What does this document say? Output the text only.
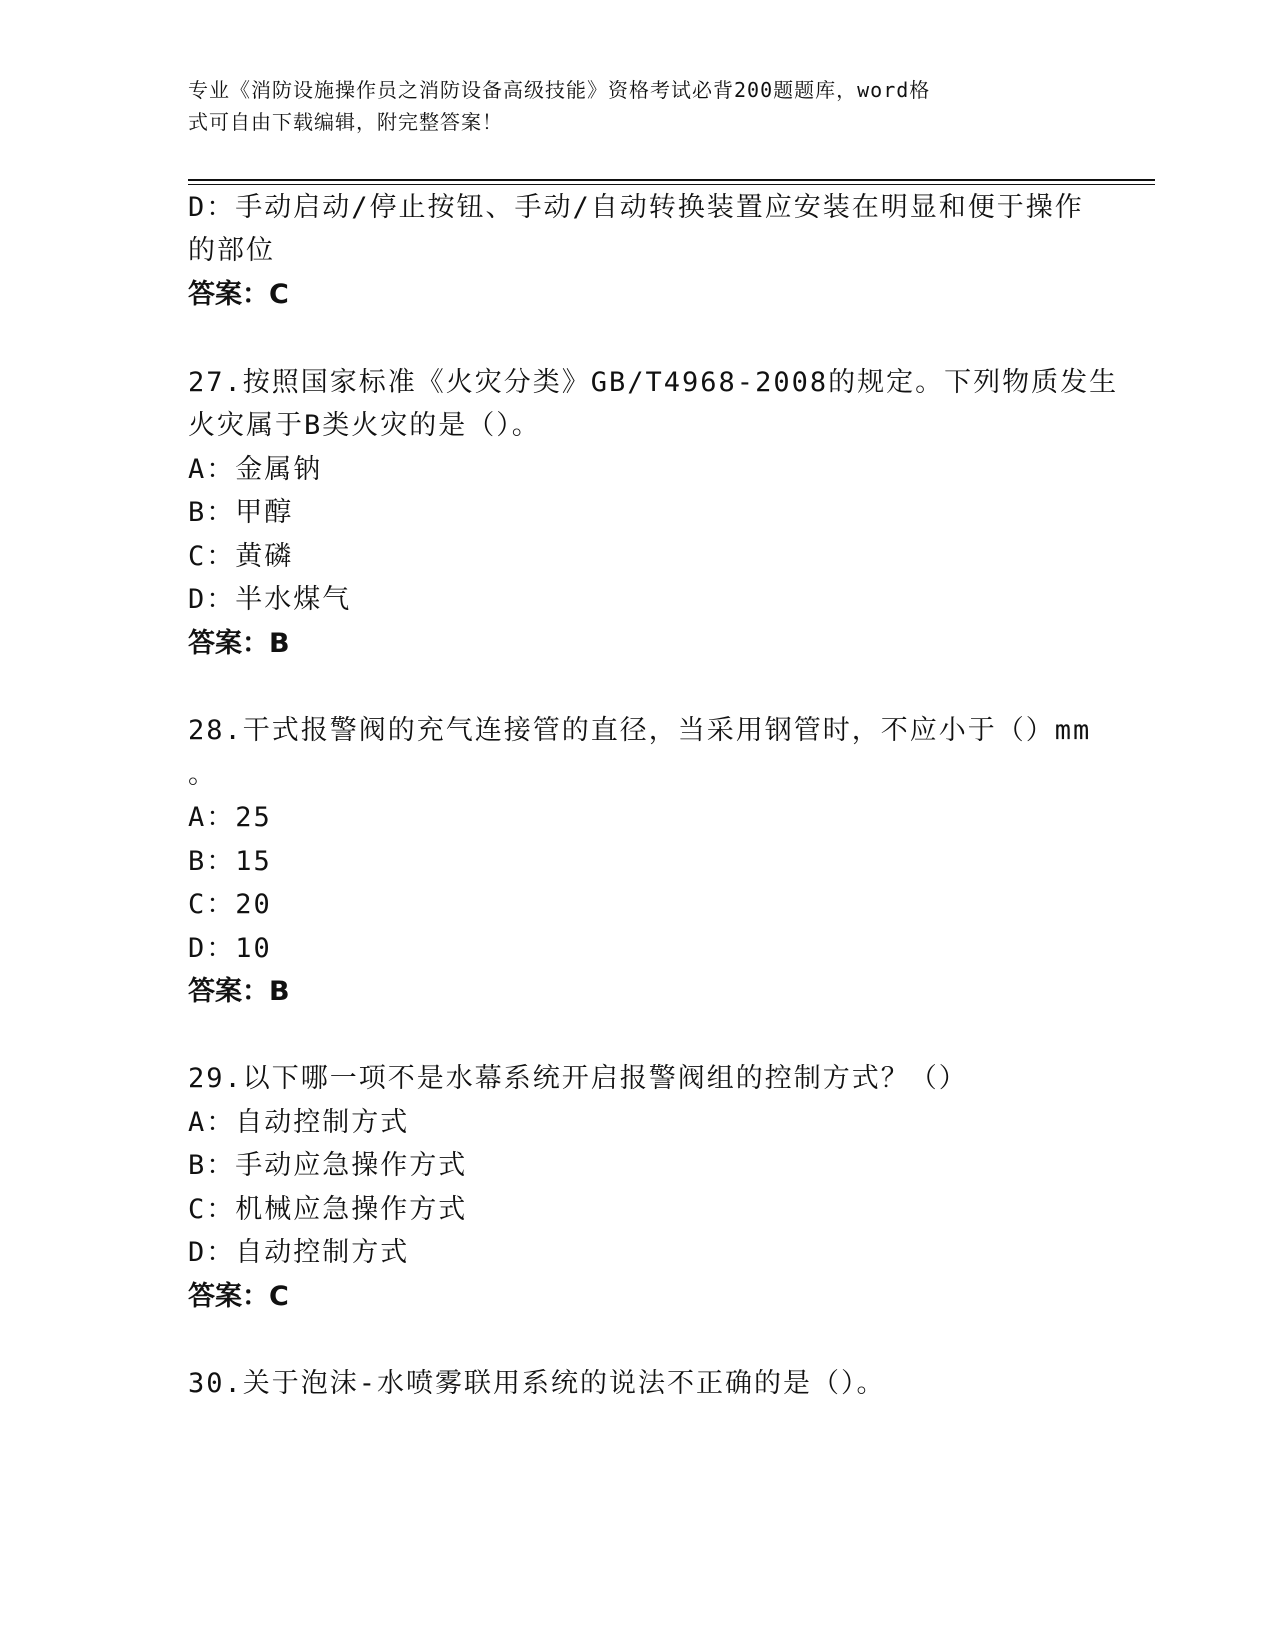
专业《消防设施操作员之消防设备高级技能》资格考试必背200题题库，word格

式可自由下载编辑，附完整答案！

D：手动启动/停止按钮、手动/自动转换装置应安装在明显和便于操作
的部位
答案：C
27.按照国家标准《火灾分类》GB/T4968-2008的规定。下列物质发生
火灾属于B类火灾的是（）。
A：金属钠
B：甲醇
C：黄磷
D：半水煤气
答案：B
28.干式报警阀的充气连接管的直径，当采用钢管时，不应小于（）mm
。
A：25
B：15
C：20
D：10
答案：B
29.以下哪一项不是水幕系统开启报警阀组的控制方式？（）
A：自动控制方式
B：手动应急操作方式
C：机械应急操作方式
D：自动控制方式
答案：C
30.关于泡沫-水喷雾联用系统的说法不正确的是（）。
